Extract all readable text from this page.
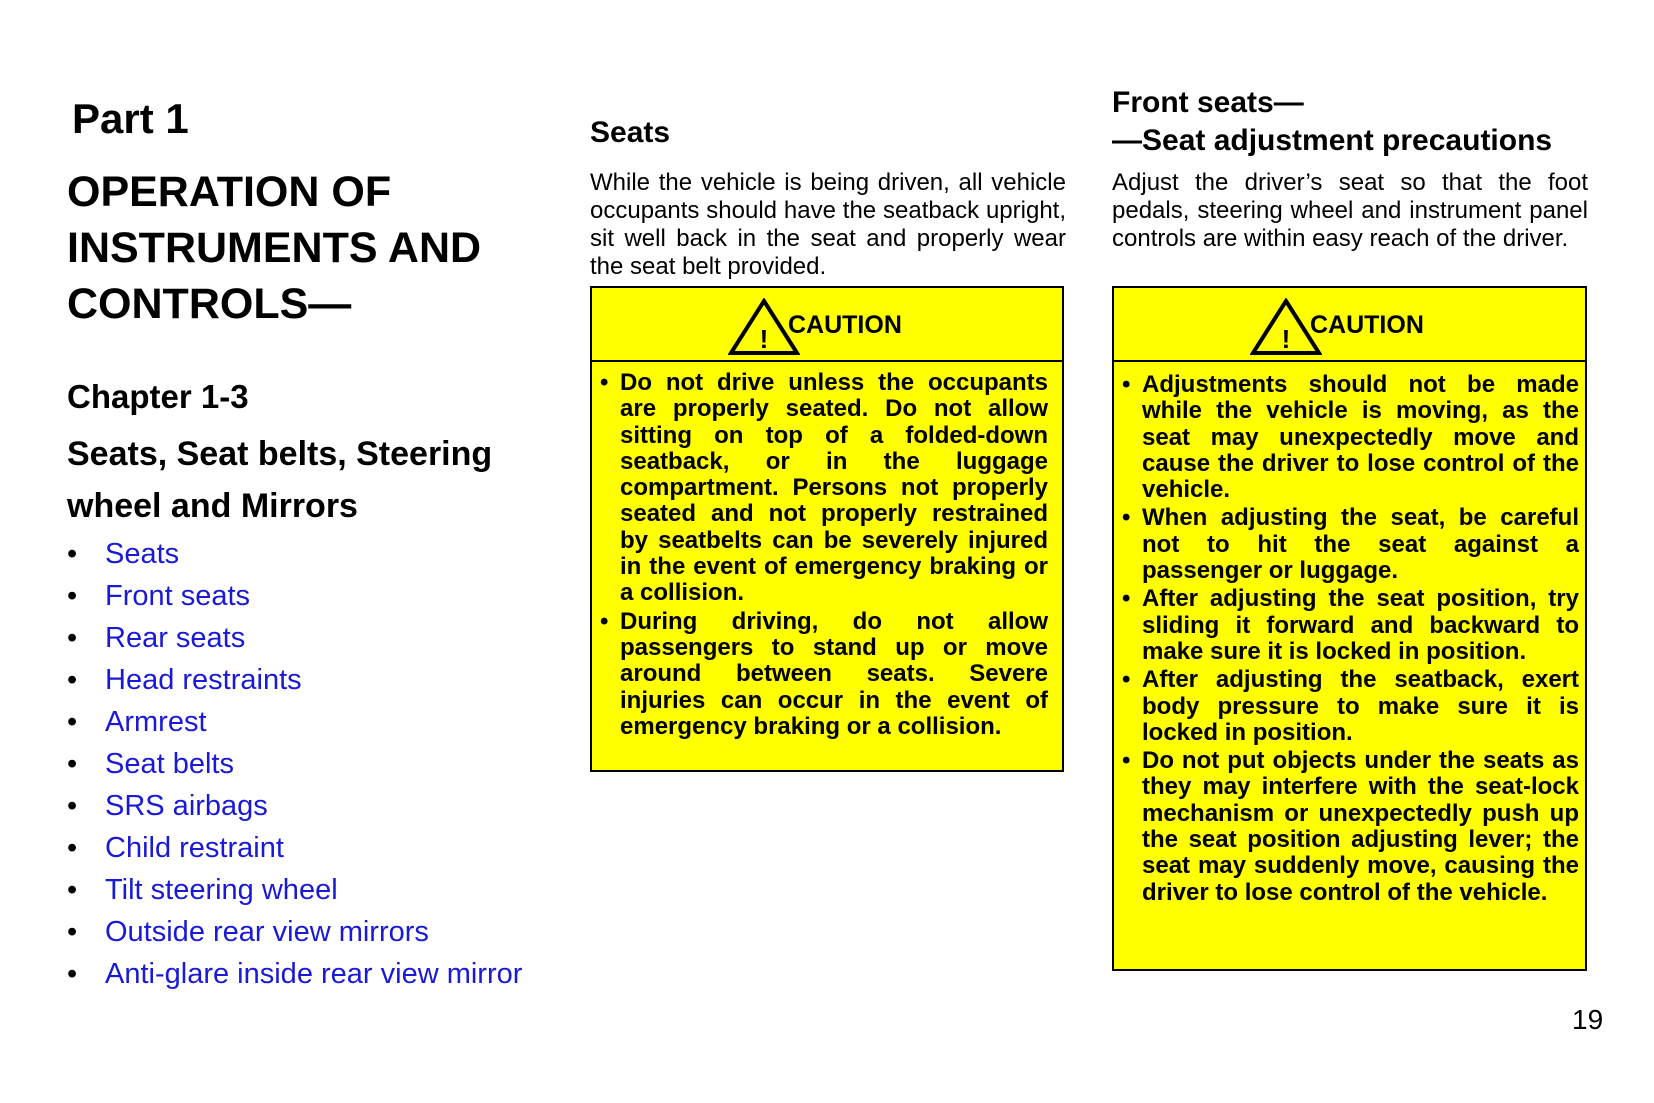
Part 1
OPERATION OF
INSTRUMENTS AND
CONTROLS—
Chapter 1-3
Seats, Seat belts, Steering
wheel and Mirrors
• Seats
• Front seats
• Rear seats
• Head restraints
• Armrest
• Seat belts
• SRS airbags
• Child restraint
• Tilt steering wheel
• Outside rear view mirrors
• Anti-glare inside rear view mirror
Seats
While the vehicle is being driven, all vehicle occupants should have the seatback upright, sit well back in the seat and properly wear the seat belt provided.
! CAUTION
• Do not drive unless the occupants are properly seated. Do not allow sitting on top of a folded-down seatback, or in the luggage compartment. Persons not properly seated and not properly restrained by seatbelts can be severely injured in the event of emergency braking or a collision.
• During driving, do not allow passengers to stand up or move around between seats. Severe injuries can occur in the event of emergency braking or a collision.
Front seats—
—Seat adjustment precautions
Adjust the driver’s seat so that the foot pedals, steering wheel and instrument panel controls are within easy reach of the driver.
! CAUTION
• Adjustments should not be made while the vehicle is moving, as the seat may unexpectedly move and cause the driver to lose control of the vehicle.
• When adjusting the seat, be careful not to hit the seat against a passenger or luggage.
• After adjusting the seat position, try sliding it forward and backward to make sure it is locked in position.
• After adjusting the seatback, exert body pressure to make sure it is locked in position.
• Do not put objects under the seats as they may interfere with the seat-lock mechanism or unexpectedly push up the seat position adjusting lever; the seat may suddenly move, causing the driver to lose control of the vehicle.
19
